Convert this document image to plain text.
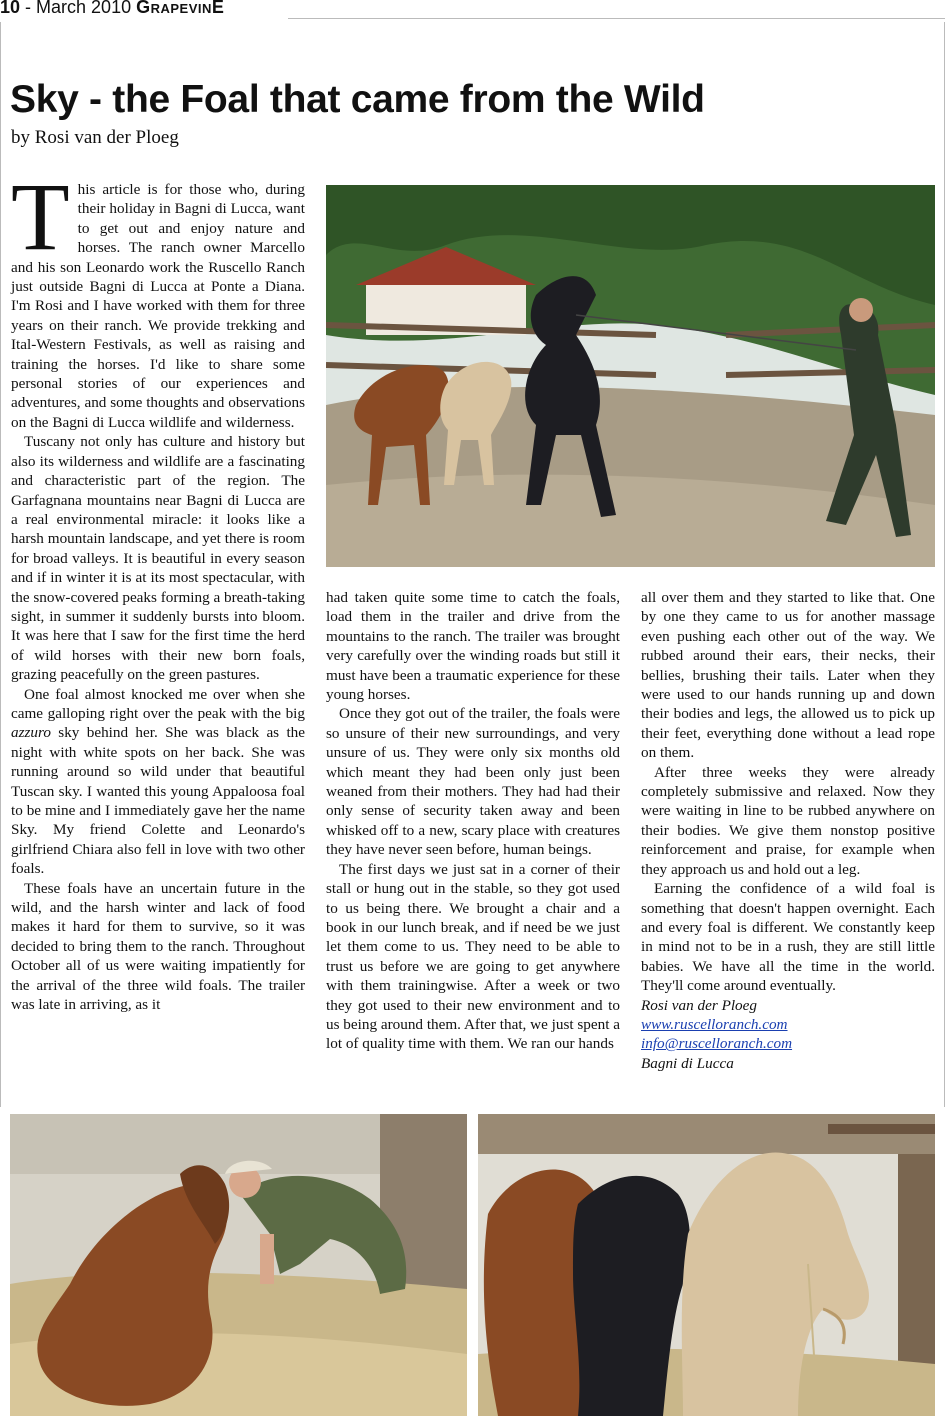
10 - March 2010 GrapevinE
Sky - the Foal that came from the Wild
by Rosi van der Ploeg

This article is for those who, during their holiday in Bagni di Lucca, want to get out and enjoy nature and horses. The ranch owner Marcello and his son Leonardo work the Ruscello Ranch just outside Bagni di Lucca at Ponte a Diana. I'm Rosi and I have worked with them for three years on their ranch. We provide trekking and Ital-Western Festivals, as well as raising and training the horses. I'd like to share some personal stories of our experiences and adventures, and some thoughts and observations on the Bagni di Lucca wildlife and wilderness.

Tuscany not only has culture and history but also its wilderness and wildlife are a fascinating and characteristic part of the region. The Garfagnana mountains near Bagni di Lucca are a real environmental miracle: it looks like a harsh mountain landscape, and yet there is room for broad valleys. It is beautiful in every season and if in winter it is at its most spectacular, with the snow-covered peaks forming a breath-taking sight, in summer it suddenly bursts into bloom. It was here that I saw for the first time the herd of wild horses with their new born foals, grazing peacefully on the green pastures.

One foal almost knocked me over when she came galloping right over the peak with the big azzuro sky behind her. She was black as the night with white spots on her back. She was running around so wild under that beautiful Tuscan sky. I wanted this young Appaloosa foal to be mine and I immediately gave her the name Sky. My friend Colette and Leonardo's girlfriend Chiara also fell in love with two other foals.

These foals have an uncertain future in the wild, and the harsh winter and lack of food makes it hard for them to survive, so it was decided to bring them to the ranch. Throughout October all of us were waiting impatiently for the arrival of the three wild foals. The trailer was late in arriving, as it

had taken quite some time to catch the foals, load them in the trailer and drive from the mountains to the ranch. The trailer was brought very carefully over the winding roads but still it must have been a traumatic experience for these young horses.

Once they got out of the trailer, the foals were so unsure of their new surroundings, and very unsure of us. They were only six months old which meant they had been only just been weaned from their mothers. They had had their only sense of security taken away and been whisked off to a new, scary place with creatures they have never seen before, human beings.

The first days we just sat in a corner of their stall or hung out in the stable, so they got used to us being there. We brought a chair and a book in our lunch break, and if need be we just let them come to us. They need to be able to trust us before we are going to get anywhere with them trainingwise. After a week or two they got used to their new environment and to us being around them. After that, we just spent a lot of quality time with them. We ran our hands

all over them and they started to like that. One by one they came to us for another massage even pushing each other out of the way. We rubbed around their ears, their necks, their bellies, brushing their tails. Later when they were used to our hands running up and down their bodies and legs, the allowed us to pick up their feet, everything done without a lead rope on them.

After three weeks they were already completely submissive and relaxed. Now they were waiting in line to be rubbed anywhere on their bodies. We give them nonstop positive reinforcement and praise, for example when they approach us and hold out a leg.

Earning the confidence of a wild foal is something that doesn't happen overnight. Each and every foal is different. We constantly keep in mind not to be in a rush, they are still little babies. We have all the time in the world. They'll come around eventually.

Rosi van der Ploeg

www.ruscelloranch.com

info@ruscelloranch.com

Bagni di Lucca
